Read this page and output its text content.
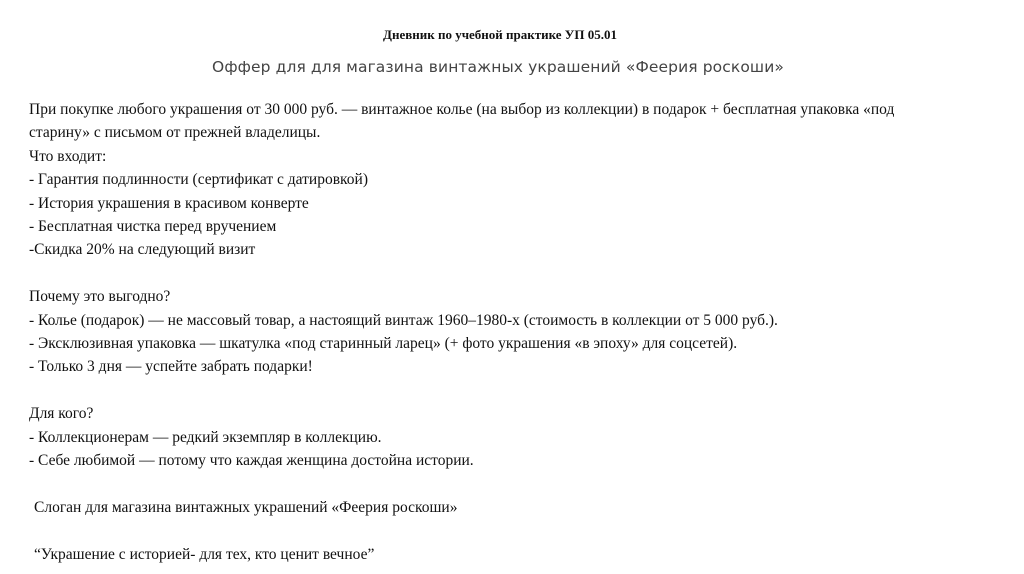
Дневник по учебной практике УП 05.01
Оффер для для магазина винтажных украшений «Феерия роскоши»

При покупке любого украшения от 30 000 руб. — винтажное колье (на выбор из коллекции) в подарок + бесплатная упаковка «под

старину» с письмом от прежней владелицы.

Что входит:

- Гарантия подлинности (сертификат с датировкой)

- История украшения в красивом конверте

- Бесплатная чистка перед вручением

-Скидка 20% на следующий визит

Почему это выгодно?

- Колье (подарок) — не массовый товар, а настоящий винтаж 1960–1980-х (стоимость в коллекции от 5 000 руб.).

- Эксклюзивная упаковка — шкатулка «под старинный ларец» (+ фото украшения «в эпоху» для соцсетей).

- Только 3 дня — успейте забрать подарки!

Для кого?

- Коллекционерам — редкий экземпляр в коллекцию.

- Себе любимой — потому что каждая женщина достойна истории.

Слоган для магазина винтажных украшений «Феерия роскоши»

“Украшение с историей- для тех, кто ценит вечное”
